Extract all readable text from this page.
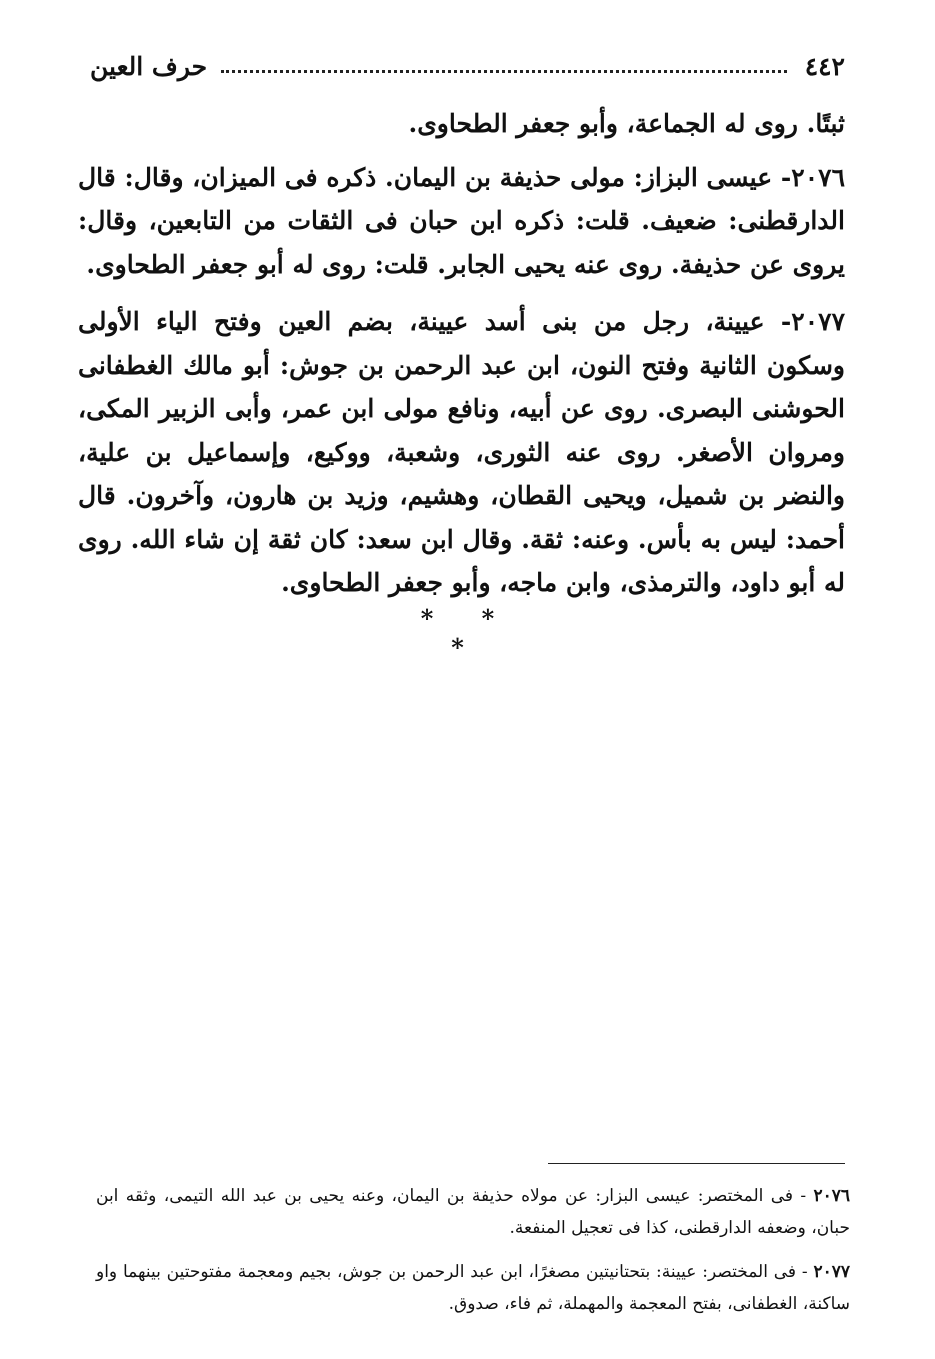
٤٤٢
حرف العين

ثبتًا. روى له الجماعة، وأبو جعفر الطحاوى.

٢٠٧٦- عيسى البزاز: مولى حذيفة بن اليمان. ذكره فى الميزان، وقال: قال الدارقطنى: ضعيف. قلت: ذكره ابن حبان فى الثقات من التابعين، وقال: يروى عن حذيفة. روى عنه يحيى الجابر. قلت: روى له أبو جعفر الطحاوى.

٢٠٧٧- عيينة، رجل من بنى أسد عيينة، بضم العين وفتح الياء الأولى وسكون الثانية وفتح النون، ابن عبد الرحمن بن جوش: أبو مالك الغطفانى الحوشنى البصرى. روى عن أبيه، ونافع مولى ابن عمر، وأبى الزبير المكى، ومروان الأصغر. روى عنه الثورى، وشعبة، ووكيع، وإسماعيل بن علية، والنضر بن شميل، ويحيى القطان، وهشيم، وزيد بن هارون، وآخرون. قال أحمد: ليس به بأس. وعنه: ثقة. وقال ابن سعد: كان ثقة إن شاء الله. روى له أبو داود، والترمذى، وابن ماجه، وأبو جعفر الطحاوى.

* * *

٢٠٧٦ - فى المختصر: عيسى البزار: عن مولاه حذيفة بن اليمان، وعنه يحيى بن عبد الله التيمى، وثقه ابن حبان، وضعفه الدارقطنى، كذا فى تعجيل المنفعة.

٢٠٧٧ - فى المختصر: عيينة: بتحتانيتين مصغرًا، ابن عبد الرحمن بن جوش، بجيم ومعجمة مفتوحتين بينهما واو ساكنة، الغطفانى، بفتح المعجمة والمهملة، ثم فاء، صدوق.
